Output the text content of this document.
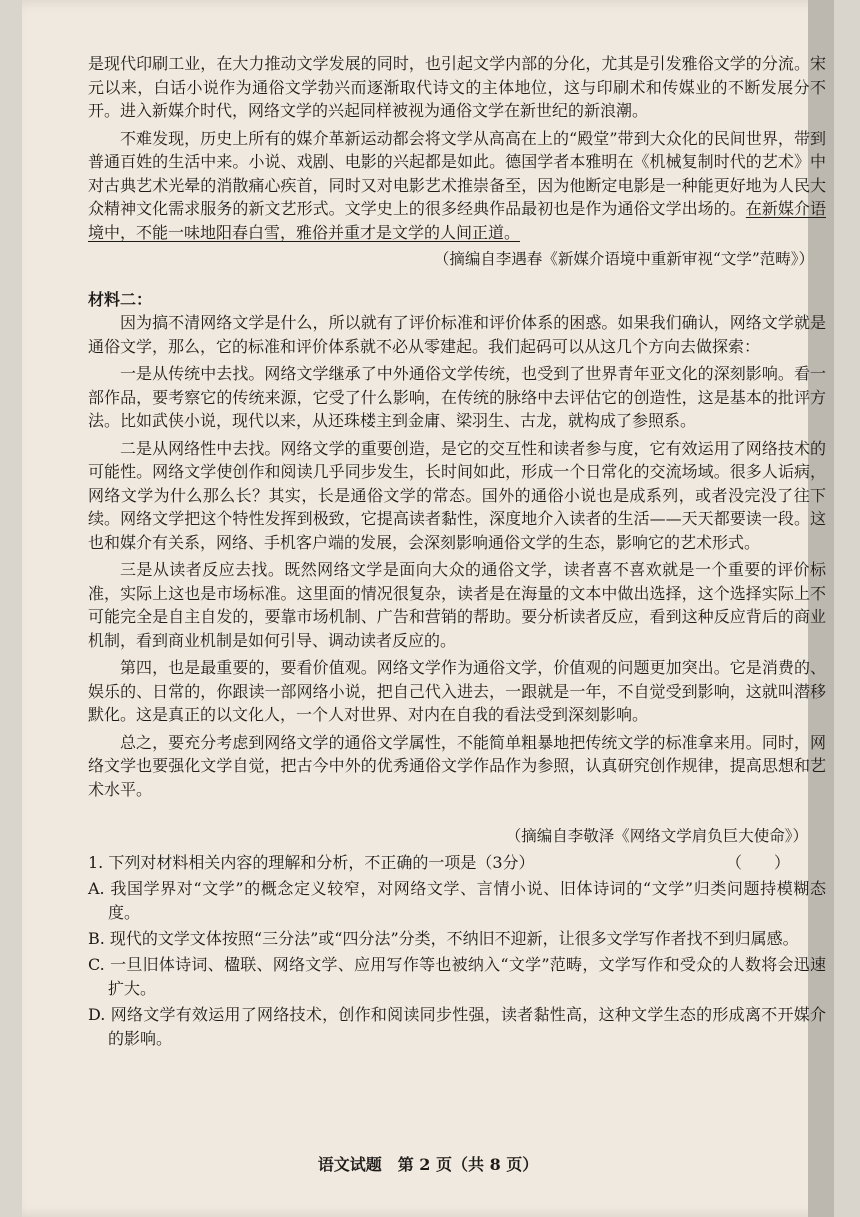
是现代印刷工业，在大力推动文学发展的同时，也引起文学内部的分化，尤其是引发雅俗文学的分流。宋元以来，白话小说作为通俗文学勃兴而逐渐取代诗文的主体地位，这与印刷术和传媒业的不断发展分不开。进入新媒介时代，网络文学的兴起同样被视为通俗文学在新世纪的新浪潮。

不难发现，历史上所有的媒介革新运动都会将文学从高高在上的“殿堂”带到大众化的民间世界，带到普通百姓的生活中来。小说、戏剧、电影的兴起都是如此。德国学者本雅明在《机械复制时代的艺术》中对古典艺术光晕的消散痛心疾首，同时又对电影艺术推崇备至，因为他断定电影是一种能更好地为人民大众精神文化需求服务的新文艺形式。文学史上的很多经典作品最初也是作为通俗文学出场的。在新媒介语境中，不能一味地阳春白雪，雅俗并重才是文学的人间正道。

（摘编自李遇春《新媒介语境中重新审视“文学”范畴》）

材料二：

因为搞不清网络文学是什么，所以就有了评价标准和评价体系的困惑。如果我们确认，网络文学就是通俗文学，那么，它的标准和评价体系就不必从零建起。我们起码可以从这几个方向去做探索：

一是从传统中去找。网络文学继承了中外通俗文学传统，也受到了世界青年亚文化的深刻影响。看一部作品，要考察它的传统来源，它受了什么影响，在传统的脉络中去评估它的创造性，这是基本的批评方法。比如武侠小说，现代以来，从还珠楼主到金庸、梁羽生、古龙，就构成了参照系。

二是从网络性中去找。网络文学的重要创造，是它的交互性和读者参与度，它有效运用了网络技术的可能性。网络文学使创作和阅读几乎同步发生，长时间如此，形成一个日常化的交流场域。很多人诟病，网络文学为什么那么长？其实，长是通俗文学的常态。国外的通俗小说也是成系列，或者没完没了往下续。网络文学把这个特性发挥到极致，它提高读者黏性，深度地介入读者的生活——天天都要读一段。这也和媒介有关系，网络、手机客户端的发展，会深刻影响通俗文学的生态，影响它的艺术形式。

三是从读者反应去找。既然网络文学是面向大众的通俗文学，读者喜不喜欢就是一个重要的评价标准，实际上这也是市场标准。这里面的情况很复杂，读者是在海量的文本中做出选择，这个选择实际上不可能完全是自主自发的，要靠市场机制、广告和营销的帮助。要分析读者反应，看到这种反应背后的商业机制，看到商业机制是如何引导、调动读者反应的。

第四，也是最重要的，要看价值观。网络文学作为通俗文学，价值观的问题更加突出。它是消费的、娱乐的、日常的，你跟读一部网络小说，把自己代入进去，一跟就是一年，不自觉受到影响，这就叫潜移默化。这是真正的以文化人，一个人对世界、对内在自我的看法受到深刻影响。

总之，要充分考虑到网络文学的通俗文学属性，不能简单粗暴地把传统文学的标准拿来用。同时，网络文学也要强化文学自觉，把古今中外的优秀通俗文学作品作为参照，认真研究创作规律，提高思想和艺术水平。

（摘编自李敬泽《网络文学肩负巨大使命》）

1. 下列对材料相关内容的理解和分析，不正确的一项是（3分）	（　　）

A. 我国学界对“文学”的概念定义较窄，对网络文学、言情小说、旧体诗词的“文学”归类问题持模糊态度。

B. 现代的文学文体按照“三分法”或“四分法”分类，不纳旧不迎新，让很多文学写作者找不到归属感。

C. 一旦旧体诗词、楹联、网络文学、应用写作等也被纳入“文学”范畴，文学写作和受众的人数将会迅速扩大。

D. 网络文学有效运用了网络技术，创作和阅读同步性强，读者黏性高，这种文学生态的形成离不开媒介的影响。

语文试题　第 2 页（共 8 页）
